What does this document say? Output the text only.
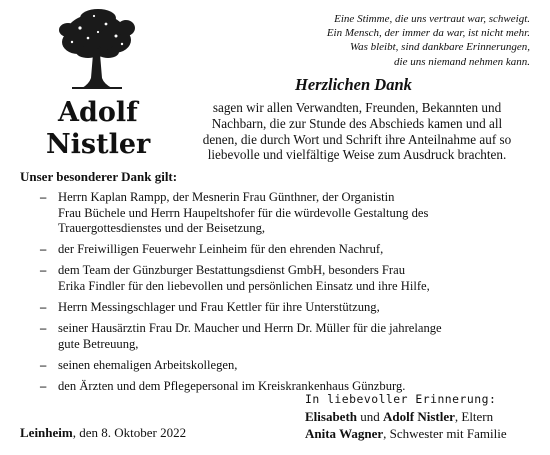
Adolf
Nistler
Eine Stimme, die uns vertraut war, schweigt.
Ein Mensch, der immer da war, ist nicht mehr.
Was bleibt, sind dankbare Erinnerungen,
die uns niemand nehmen kann.
Herzlichen Dank
sagen wir allen Verwandten, Freunden, Bekannten und
Nachbarn, die zur Stunde des Abschieds kamen und all
denen, die durch Wort und Schrift ihre Anteilnahme auf so
liebevolle und vielfältige Weise zum Ausdruck brachten.
Unser besonderer Dank gilt:
– Herrn Kaplan Rampp, der Mesnerin Frau Günthner, der Organistin
Frau Büchele und Herrn Haupeltshofer für die würdevolle Gestaltung des
Trauergottesdienstes und der Beisetzung,
– der Freiwilligen Feuerwehr Leinheim für den ehrenden Nachruf,
– dem Team der Günzburger Bestattungsdienst GmbH, besonders Frau
Erika Findler für den liebevollen und persönlichen Einsatz und ihre Hilfe,
– Herrn Messingschlager und Frau Kettler für ihre Unterstützung,
– seiner Hausärztin Frau Dr. Maucher und Herrn Dr. Müller für die jahrelange
gute Betreuung,
– seinen ehemaligen Arbeitskollegen,
– den Ärzten und dem Pflegepersonal im Kreiskrankenhaus Günzburg.
Leinheim, den 8. Oktober 2022
In liebevoller Erinnerung:
Elisabeth und Adolf Nistler, Eltern
Anita Wagner, Schwester mit Familie
